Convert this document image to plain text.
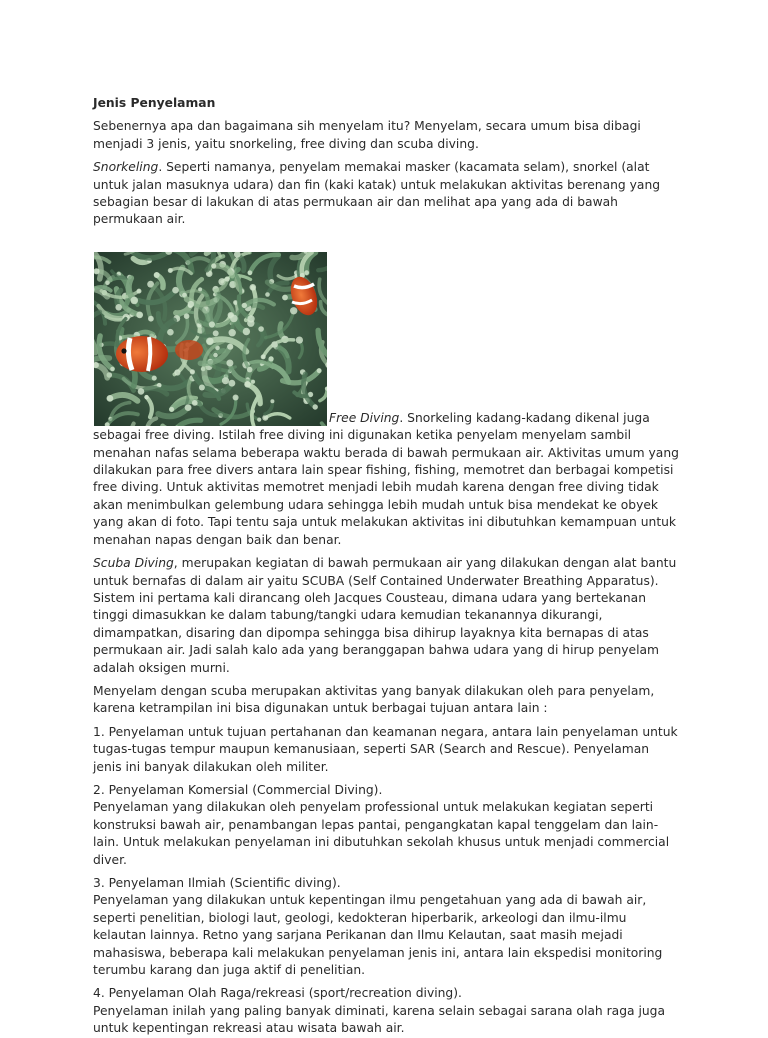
Jenis Penyelaman

Sebenernya apa dan bagaimana sih menyelam itu? Menyelam, secara umum bisa dibagi menjadi 3 jenis, yaitu snorkeling, free diving dan scuba diving.

Snorkeling. Seperti namanya, penyelam memakai masker (kacamata selam), snorkel (alat untuk jalan masuknya udara) dan fin (kaki katak) untuk melakukan aktivitas berenang yang sebagian besar di lakukan di atas permukaan air dan melihat apa yang ada di bawah permukaan air.

Free Diving. Snorkeling kadang-kadang dikenal juga sebagai free diving. Istilah free diving ini digunakan ketika penyelam menyelam sambil menahan nafas selama beberapa waktu berada di bawah permukaan air. Aktivitas umum yang dilakukan para free divers antara lain spear fishing, fishing, memotret dan berbagai kompetisi free diving. Untuk aktivitas memotret menjadi lebih mudah karena dengan free diving tidak akan menimbulkan gelembung udara sehingga lebih mudah untuk bisa mendekat ke obyek yang akan di foto. Tapi tentu saja untuk melakukan aktivitas ini dibutuhkan kemampuan untuk menahan napas dengan baik dan benar.

Scuba Diving, merupakan kegiatan di bawah permukaan air yang dilakukan dengan alat bantu untuk bernafas di dalam air yaitu SCUBA (Self Contained Underwater Breathing Apparatus). Sistem ini pertama kali dirancang oleh Jacques Cousteau, dimana udara yang bertekanan tinggi dimasukkan ke dalam tabung/tangki udara kemudian tekanannya dikurangi, dimampatkan, disaring dan dipompa sehingga bisa dihirup layaknya kita bernapas di atas permukaan air. Jadi salah kalo ada yang beranggapan bahwa udara yang di hirup penyelam adalah oksigen murni.

Menyelam dengan scuba merupakan aktivitas yang banyak dilakukan oleh para penyelam, karena ketrampilan ini bisa digunakan untuk berbagai tujuan antara lain :

1. Penyelaman untuk tujuan pertahanan dan keamanan negara, antara lain penyelaman untuk tugas-tugas tempur maupun kemanusiaan, seperti SAR (Search and Rescue). Penyelaman jenis ini banyak dilakukan oleh militer.

2. Penyelaman Komersial (Commercial Diving).
Penyelaman yang dilakukan oleh penyelam professional untuk melakukan kegiatan seperti konstruksi bawah air, penambangan lepas pantai, pengangkatan kapal tenggelam dan lain-lain. Untuk melakukan penyelaman ini dibutuhkan sekolah khusus untuk menjadi commercial diver.

3. Penyelaman Ilmiah (Scientific diving).
Penyelaman yang dilakukan untuk kepentingan ilmu pengetahuan yang ada di bawah air, seperti penelitian, biologi laut, geologi, kedokteran hiperbarik, arkeologi dan ilmu-ilmu kelautan lainnya. Retno yang sarjana Perikanan dan Ilmu Kelautan, saat masih mejadi mahasiswa, beberapa kali melakukan penyelaman jenis ini, antara lain ekspedisi monitoring terumbu karang dan juga aktif di penelitian.

4. Penyelaman Olah Raga/rekreasi (sport/recreation diving).
Penyelaman inilah yang paling banyak diminati, karena selain sebagai sarana olah raga juga untuk kepentingan rekreasi atau wisata bawah air.
